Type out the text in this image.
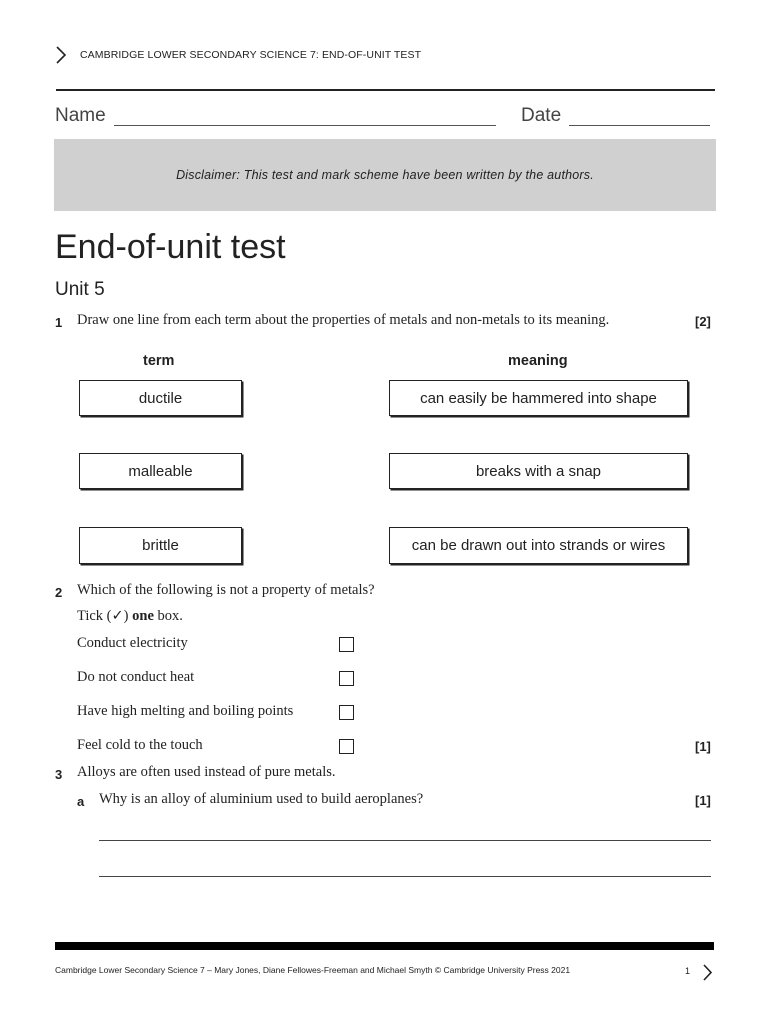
CAMBRIDGE LOWER SECONDARY SCIENCE 7: END-OF-UNIT TEST
Name	Date
Disclaimer: This test and mark scheme have been written by the authors.
End-of-unit test
Unit 5
1 Draw one line from each term about the properties of metals and non-metals to its meaning.	[2]
term	meaning
ductile
malleable
brittle
can easily be hammered into shape
breaks with a snap
can be drawn out into strands or wires
2 Which of the following is not a property of metals?
Tick (✓) one box.
Conduct electricity
Do not conduct heat
Have high melting and boiling points
Feel cold to the touch	[1]
3 Alloys are often used instead of pure metals.
a Why is an alloy of aluminium used to build aeroplanes?	[1]
Cambridge Lower Secondary Science 7 – Mary Jones, Diane Fellowes-Freeman and Michael Smyth © Cambridge University Press 2021	1
